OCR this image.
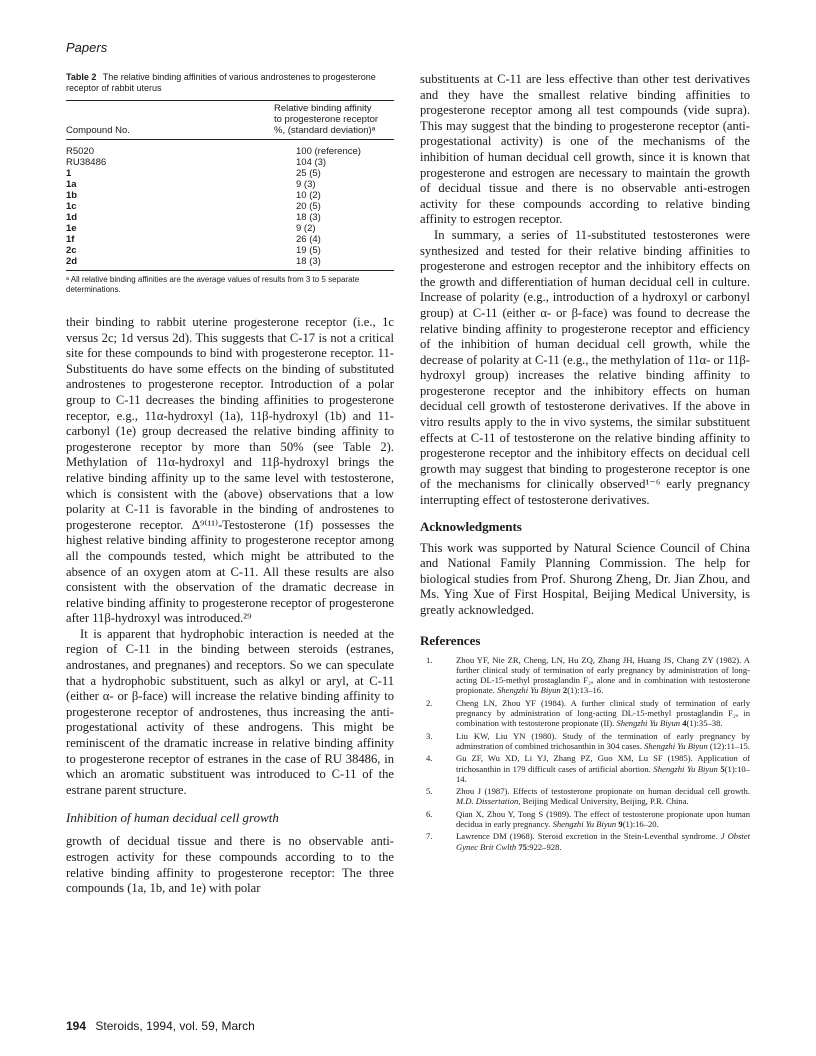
Papers
Table 2 The relative binding affinities of various androstenes to progesterone receptor of rabbit uterus
Compound No.	Relative binding affinity
to progesterone receptor
%, (standard deviation)ᵃ

R5020	100 (reference)
RU38486	104 (3)
1	25 (5)
1a	9 (3)
1b	10 (2)
1c	20 (5)
1d	18 (3)
1e	9 (2)
1f	26 (4)
2c	19 (5)
2d	18 (3)

ᵃ All relative binding affinities are the average values of results from 3 to 5 separate determinations.

their binding to rabbit uterine progesterone receptor (i.e., 1c versus 2c; 1d versus 2d). This suggests that C-17 is not a critical site for these compounds to bind with progesterone receptor. 11-Substituents do have some effects on the binding of substituted androstenes to progesterone receptor. Introduction of a polar group to C-11 decreases the binding affinities to progesterone receptor, e.g., 11α-hydroxyl (1a), 11β-hydroxyl (1b) and 11-carbonyl (1e) group decreased the relative binding affinity to progesterone receptor by more than 50% (see Table 2). Methylation of 11α-hydroxyl and 11β-hydroxyl brings the relative binding affinity up to the same level with testosterone, which is consistent with the (above) observations that a low polarity at C-11 is favorable in the binding of androstenes to progesterone receptor. Δ⁹⁽¹¹⁾-Testosterone (1f) possesses the highest relative binding affinity to progesterone receptor among all the compounds tested, which might be attributed to the absence of an oxygen atom at C-11. All these results are also consistent with the observation of the dramatic decrease in relative binding affinity to progesterone receptor of progesterone after 11β-hydroxyl was introduced.²⁹

It is apparent that hydrophobic interaction is needed at the region of C-11 in the binding between steroids (estranes, androstanes, and pregnanes) and receptors. So we can speculate that a hydrophobic substituent, such as alkyl or aryl, at C-11 (either α- or β-face) will increase the relative binding affinity to progesterone receptor of androstenes, thus increasing the anti-progestational activity of these androgens. This might be reminiscent of the dramatic increase in relative binding affinity to progesterone receptor of estranes in the case of RU 38486, in which an aromatic substituent was introduced to C-11 of the estrane parent structure.

Inhibition of human decidual cell growth

growth of decidual tissue and there is no observable anti-estrogen activity for these compounds according to to the relative binding affinity to progesterone receptor: The three compounds (1a, 1b, and 1e) with polar

substituents at C-11 are less effective than other test derivatives and they have the smallest relative binding affinities to progesterone receptor among all test compounds (vide supra). This may suggest that the binding to progesterone receptor (anti-progestational activity) is one of the mechanisms of the inhibition of human decidual cell growth, since it is known that progesterone and estrogen are necessary to maintain the growth of decidual tissue and there is no observable anti-estrogen activity for these compounds according to relative binding affinity to estrogen receptor.

In summary, a series of 11-substituted testosterones were synthesized and tested for their relative binding affinities to progesterone and estrogen receptor and the inhibitory effects on the growth and differentiation of human decidual cell in culture. Increase of polarity (e.g., introduction of a hydroxyl or carbonyl group) at C-11 (either α- or β-face) was found to decrease the relative binding affinity to progesterone receptor and efficiency of the inhibition of human decidual cell growth, while the decrease of polarity at C-11 (e.g., the methylation of 11α- or 11β-hydroxyl group) increases the relative binding affinity to progesterone receptor and the inhibitory effects on human decidual cell growth of testosterone derivatives. If the above in vitro results apply to the in vivo systems, the similar substituent effects at C-11 of testosterone on the relative binding affinity to progesterone receptor and the inhibitory effects on decidual cell growth may suggest that binding to progesterone receptor is one of the mechanisms for clinically observed¹⁻⁶ early pregnancy interrupting effect of testosterone derivatives.

Acknowledgments

This work was supported by Natural Science Council of China and National Family Planning Commission. The help for biological studies from Prof. Shurong Zheng, Dr. Jian Zhou, and Ms. Ying Xue of First Hospital, Beijing Medical University, is greatly acknowledged.

References
1.	Zhou YF, Nie ZR, Cheng, LN, Hu ZQ, Zhang JH, Huang JS, Chang ZY (1982). A further clinical study of termination of early pregnancy by administration of long-acting DL-15-methyl prostaglandin F₂ₐ alone and in combination with testosterone propionate. Shengzhi Yu Biyun 2(1):13–16.
2.	Cheng LN, Zhou YF (1984). A further clinical study of termination of early pregnancy by administration of long-acting DL-15-methyl prostaglandin F₂ₐ in combination with testosterone propionate (II). Shengzhi Yu Biyun 4(1):35–38.
3.	Liu KW, Liu YN (1980). Study of the termination of early pregnancy by adminstration of combined trichosanthin in 304 cases. Shengzhi Yu Biyun (12):11–15.
4.	Gu ZF, Wu XD, Li YJ, Zhang PZ, Guo XM, Lu SF (1985). Application of trichosanthin in 179 difficult cases of artificial abortion. Shengzhi Yu Biyun 5(1):10–14.
5.	Zhou J (1987). Effects of testosterone propionate on human decidual cell growth. M.D. Dissertation, Beijing Medical University, Beijing, P.R. China.
6.	Qian X, Zhou Y, Tong S (1989). The effect of testosterone propionate upon human decidua in early pregnancy. Shengzhi Yu Biyun 9(1):16–20.
7.	Lawrence DM (1968). Steroid excretion in the Stein-Leventhal syndrome. J Obstet Gynec Brit Cwlth 75:922–928.
194 Steroids, 1994, vol. 59, March
